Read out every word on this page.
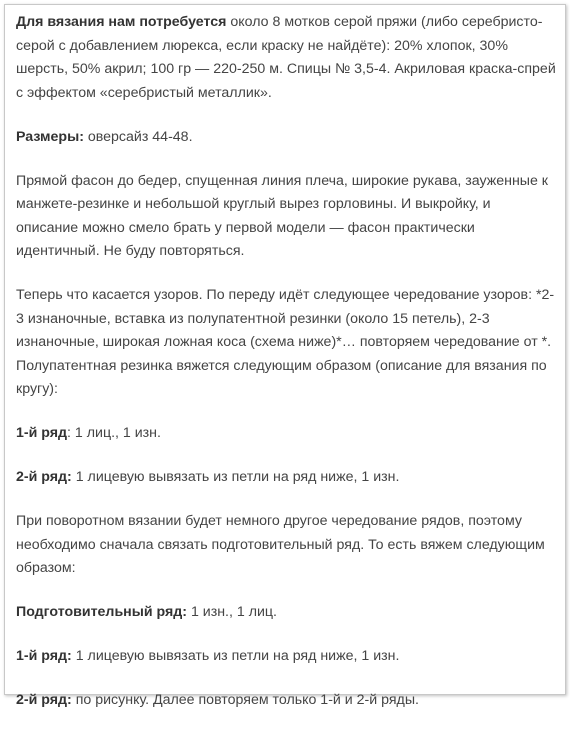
Для вязания нам потребуется около 8 мотков серой пряжи (либо серебристо-серой с добавлением люрекса, если краску не найдёте): 20% хлопок, 30% шерсть, 50% акрил; 100 гр — 220-250 м. Спицы № 3,5-4. Акриловая краска-спрей с эффектом «серебристый металлик».

Размеры: оверсайз 44-48.

Прямой фасон до бедер, спущенная линия плеча, широкие рукава, зауженные к манжете-резинке и небольшой круглый вырез горловины. И выкройку, и описание можно смело брать у первой модели — фасон практически идентичный. Не буду повторяться.

Теперь что касается узоров. По переду идёт следующее чередование узоров: *2-3 изнаночные, вставка из полупатентной резинки (около 15 петель), 2-3 изнаночные, широкая ложная коса (схема ниже)*… повторяем чередование от *. Полупатентная резинка вяжется следующим образом (описание для вязания по кругу):

1-й ряд: 1 лиц., 1 изн.

2-й ряд: 1 лицевую вывязать из петли на ряд ниже, 1 изн.

При поворотном вязании будет немного другое чередование рядов, поэтому необходимо сначала связать подготовительный ряд. То есть вяжем следующим образом:

Подготовительный ряд: 1 изн., 1 лиц.

1-й ряд: 1 лицевую вывязать из петли на ряд ниже, 1 изн.

2-й ряд: по рисунку. Далее повторяем только 1-й и 2-й ряды.
